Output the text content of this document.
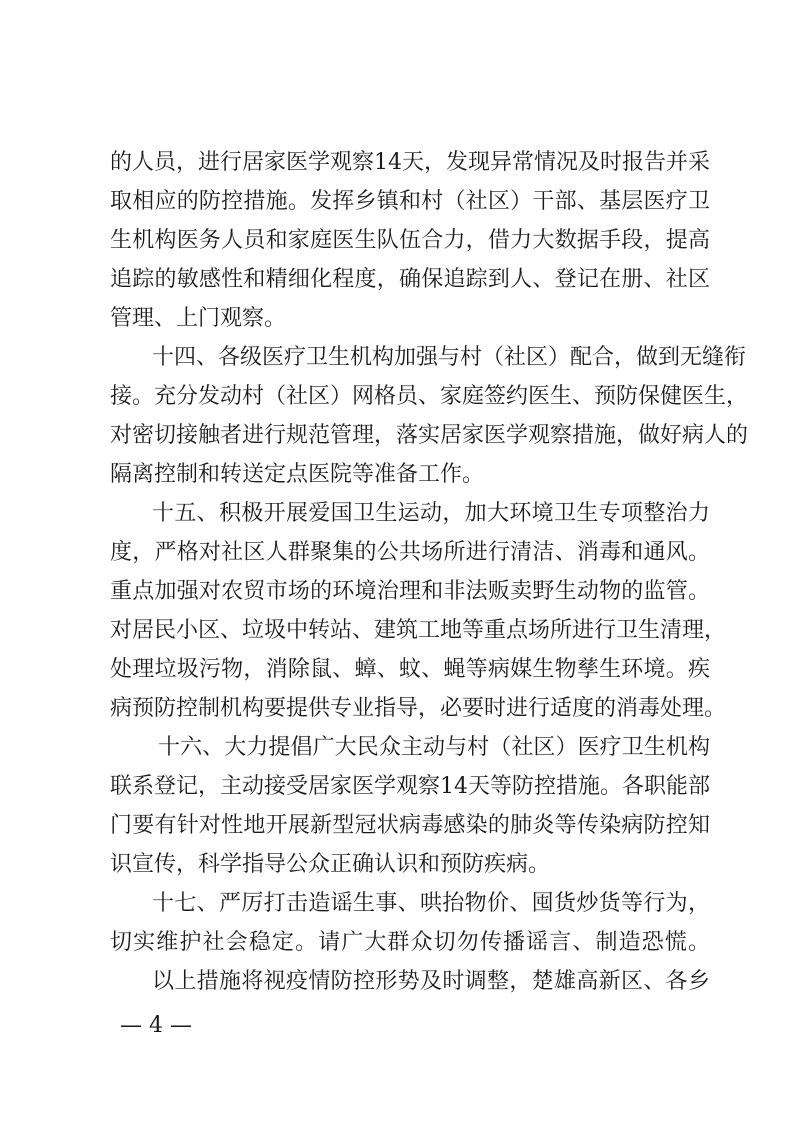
的人员，进行居家医学观察14天，发现异常情况及时报告并采
取相应的防控措施。发挥乡镇和村（社区）干部、基层医疗卫
生机构医务人员和家庭医生队伍合力，借力大数据手段，提高
追踪的敏感性和精细化程度，确保追踪到人、登记在册、社区
管理、上门观察。
十四、各级医疗卫生机构加强与村（社区）配合，做到无缝衔
接。充分发动村（社区）网格员、家庭签约医生、预防保健医生，
对密切接触者进行规范管理，落实居家医学观察措施，做好病人的
隔离控制和转送定点医院等准备工作。
十五、积极开展爱国卫生运动，加大环境卫生专项整治力
度，严格对社区人群聚集的公共场所进行清洁、消毒和通风。
重点加强对农贸市场的环境治理和非法贩卖野生动物的监管。
对居民小区、垃圾中转站、建筑工地等重点场所进行卫生清理，
处理垃圾污物，消除鼠、蟑、蚊、蝇等病媒生物孳生环境。疾
病预防控制机构要提供专业指导，必要时进行适度的消毒处理。
十六、大力提倡广大民众主动与村（社区）医疗卫生机构
联系登记，主动接受居家医学观察14天等防控措施。各职能部
门要有针对性地开展新型冠状病毒感染的肺炎等传染病防控知
识宣传，科学指导公众正确认识和预防疾病。
十七、严厉打击造谣生事、哄抬物价、囤货炒货等行为，
切实维护社会稳定。请广大群众切勿传播谣言、制造恐慌。
以上措施将视疫情防控形势及时调整，楚雄高新区、各乡
— 4 —
